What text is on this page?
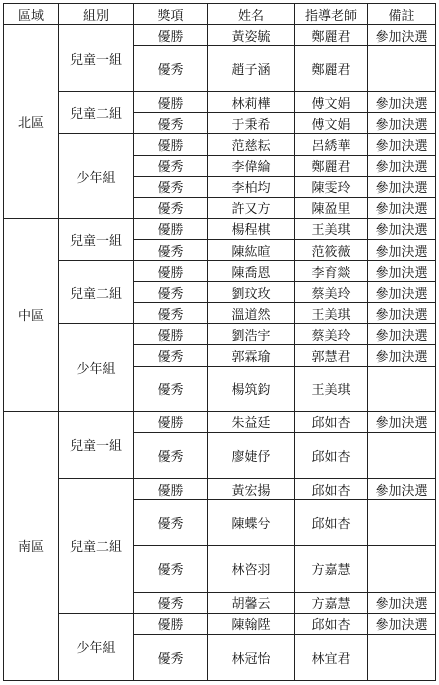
區域	組別	獎項	姓名	指導老師	備註
北區	兒童一組	優勝	黃姿毓	鄭麗君	參加決選
		優秀	趙子涵	鄭麗君	
	兒童二組	優勝	林莉樺	傅文娟	參加決選
		優秀	于秉希	傅文娟	參加決選
	少年組	優勝	范慈耘	呂綉華	參加決選
		優秀	李偉綸	鄭麗君	參加決選
		優秀	李柏均	陳雯玲	參加決選
		優秀	許又方	陳盈里	參加決選
中區	兒童一組	優勝	楊程棋	王美琪	參加決選
		優秀	陳紘暄	范筱薇	參加決選
	兒童二組	優勝	陳喬恩	李育燚	參加決選
		優秀	劉玟玫	蔡美玲	參加決選
		優秀	溫道然	王美琪	參加決選
	少年組	優勝	劉浩宇	蔡美玲	參加決選
		優秀	郭霖瑜	郭慧君	參加決選
		優秀	楊筑鈞	王美琪	
南區	兒童一組	優勝	朱益廷	邱如杏	參加決選
		優秀	廖婕伃	邱如杏	
	兒童二組	優勝	黃宏揚	邱如杏	參加決選
		優秀	陳蝶兮	邱如杏	
		優秀	林咨羽	方嘉慧	
		優秀	胡馨云	方嘉慧	參加決選
	少年組	優勝	陳翰陞	邱如杏	參加決選
		優秀	林冠怡	林宜君	
